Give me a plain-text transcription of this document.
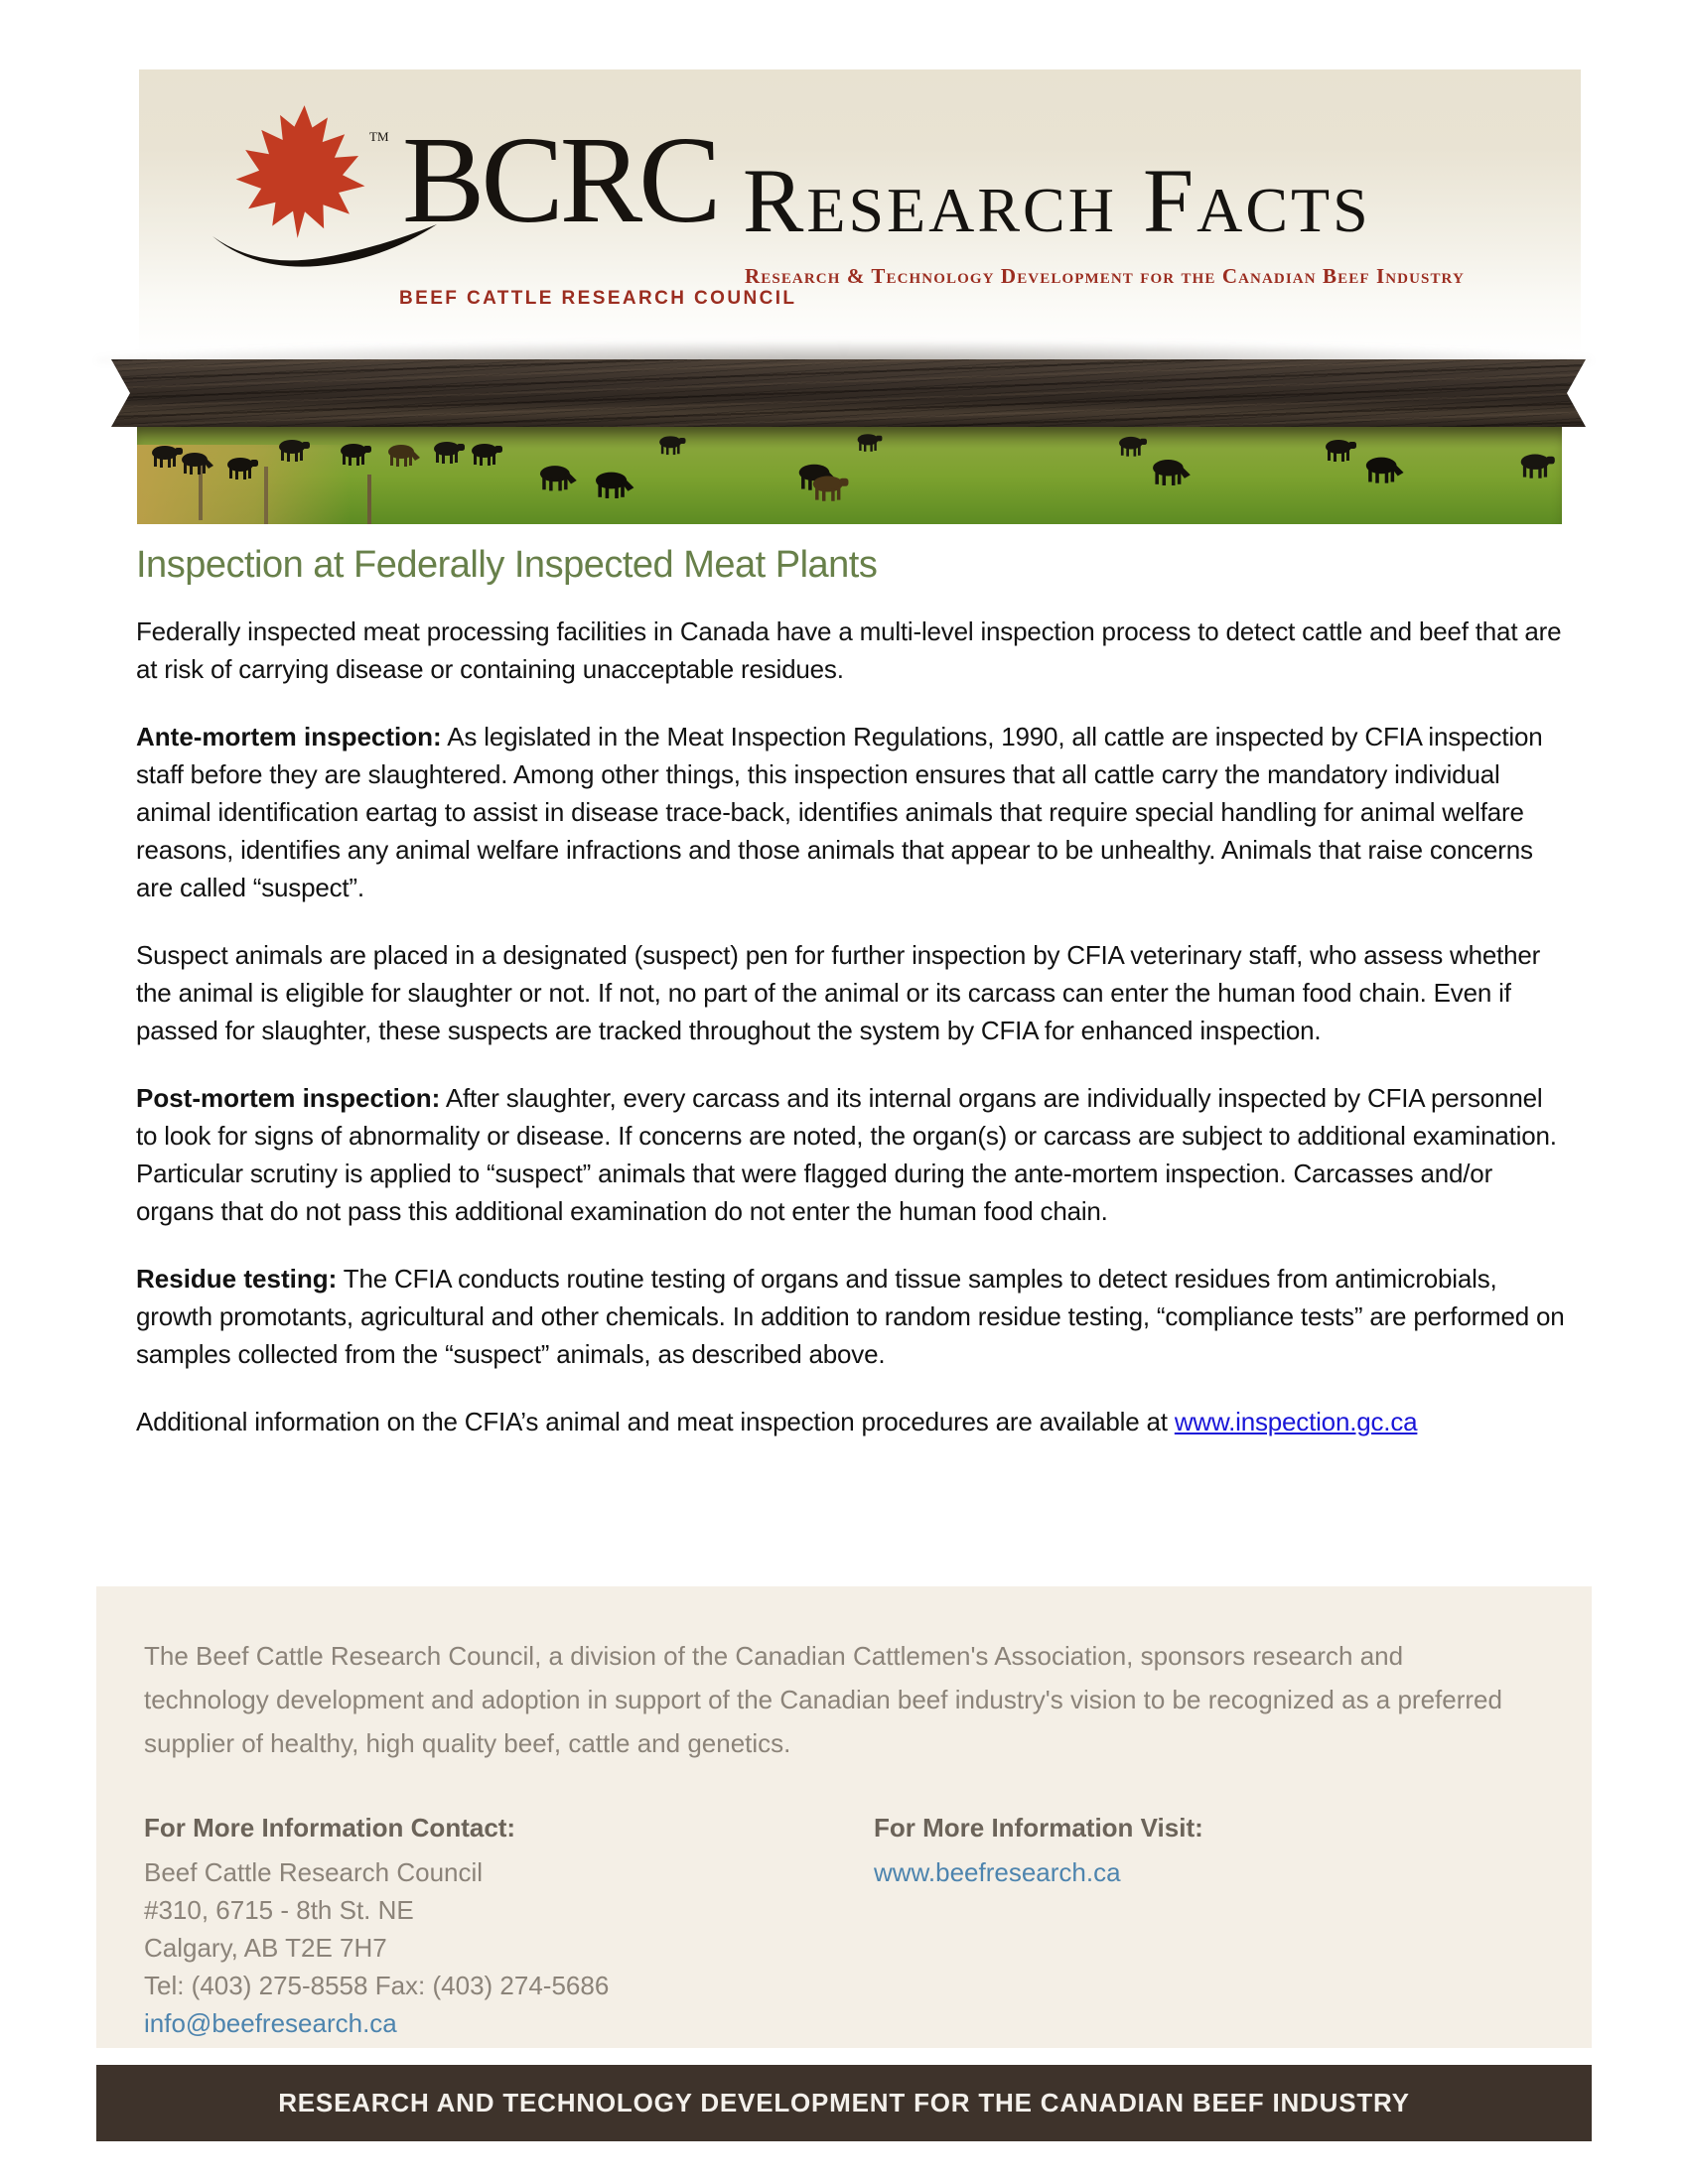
TM BCRC
BEEF CATTLE RESEARCH COUNCIL
Research Facts
Research & Technology Development for the Canadian Beef Industry
Inspection at Federally Inspected Meat Plants

Federally inspected meat processing facilities in Canada have a multi-level inspection process to detect cattle and beef that are at risk of carrying disease or containing unacceptable residues.

Ante-mortem inspection: As legislated in the Meat Inspection Regulations, 1990, all cattle are inspected by CFIA inspection staff before they are slaughtered. Among other things, this inspection ensures that all cattle carry the mandatory individual animal identification eartag to assist in disease trace-back, identifies animals that require special handling for animal welfare reasons, identifies any animal welfare infractions and those animals that appear to be unhealthy. Animals that raise concerns are called “suspect”.

Suspect animals are placed in a designated (suspect) pen for further inspection by CFIA veterinary staff, who assess whether the animal is eligible for slaughter or not. If not, no part of the animal or its carcass can enter the human food chain. Even if passed for slaughter, these suspects are tracked throughout the system by CFIA for enhanced inspection.

Post-mortem inspection: After slaughter, every carcass and its internal organs are individually inspected by CFIA personnel to look for signs of abnormality or disease. If concerns are noted, the organ(s) or carcass are subject to additional examination. Particular scrutiny is applied to “suspect” animals that were flagged during the ante-mortem inspection. Carcasses and/or organs that do not pass this additional examination do not enter the human food chain.

Residue testing: The CFIA conducts routine testing of organs and tissue samples to detect residues from antimicrobials, growth promotants, agricultural and other chemicals. In addition to random residue testing, “compliance tests” are performed on samples collected from the “suspect” animals, as described above.

Additional information on the CFIA’s animal and meat inspection procedures are available at www.inspection.gc.ca

The Beef Cattle Research Council, a division of the Canadian Cattlemen's Association, sponsors research and technology development and adoption in support of the Canadian beef industry's vision to be recognized as a preferred supplier of healthy, high quality beef, cattle and genetics.
For More Information Contact:
Beef Cattle Research Council
#310, 6715 - 8th St. NE
Calgary, AB T2E 7H7
Tel: (403) 275-8558 Fax: (403) 274-5686
info@beefresearch.ca
For More Information Visit:
www.beefresearch.ca
RESEARCH AND TECHNOLOGY DEVELOPMENT FOR THE CANADIAN BEEF INDUSTRY
